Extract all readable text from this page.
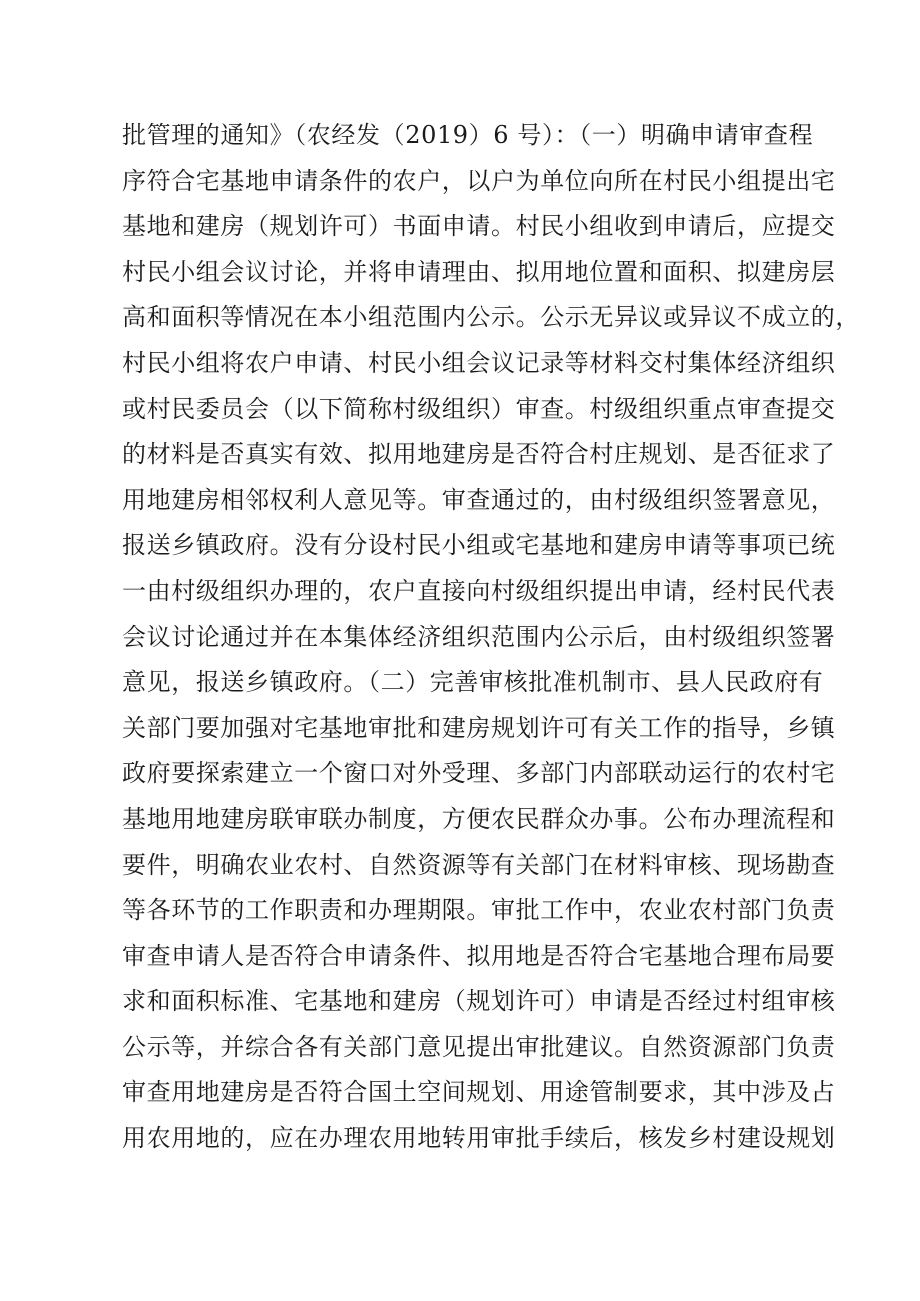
批管理的通知》（农经发（2019）6 号）：（一）明确申请审查程
序符合宅基地申请条件的农户，以户为单位向所在村民小组提出宅
基地和建房（规划许可）书面申请。村民小组收到申请后，应提交
村民小组会议讨论，并将申请理由、拟用地位置和面积、拟建房层
高和面积等情况在本小组范围内公示。公示无异议或异议不成立的，
村民小组将农户申请、村民小组会议记录等材料交村集体经济组织
或村民委员会（以下简称村级组织）审查。村级组织重点审查提交
的材料是否真实有效、拟用地建房是否符合村庄规划、是否征求了
用地建房相邻权利人意见等。审查通过的，由村级组织签署意见，
报送乡镇政府。没有分设村民小组或宅基地和建房申请等事项已统
一由村级组织办理的，农户直接向村级组织提出申请，经村民代表
会议讨论通过并在本集体经济组织范围内公示后，由村级组织签署
意见，报送乡镇政府。（二）完善审核批准机制市、县人民政府有
关部门要加强对宅基地审批和建房规划许可有关工作的指导，乡镇
政府要探索建立一个窗口对外受理、多部门内部联动运行的农村宅
基地用地建房联审联办制度，方便农民群众办事。公布办理流程和
要件，明确农业农村、自然资源等有关部门在材料审核、现场勘查
等各环节的工作职责和办理期限。审批工作中，农业农村部门负责
审查申请人是否符合申请条件、拟用地是否符合宅基地合理布局要
求和面积标准、宅基地和建房（规划许可）申请是否经过村组审核
公示等，并综合各有关部门意见提出审批建议。自然资源部门负责
审查用地建房是否符合国土空间规划、用途管制要求，其中涉及占
用农用地的，应在办理农用地转用审批手续后，核发乡村建设规划
